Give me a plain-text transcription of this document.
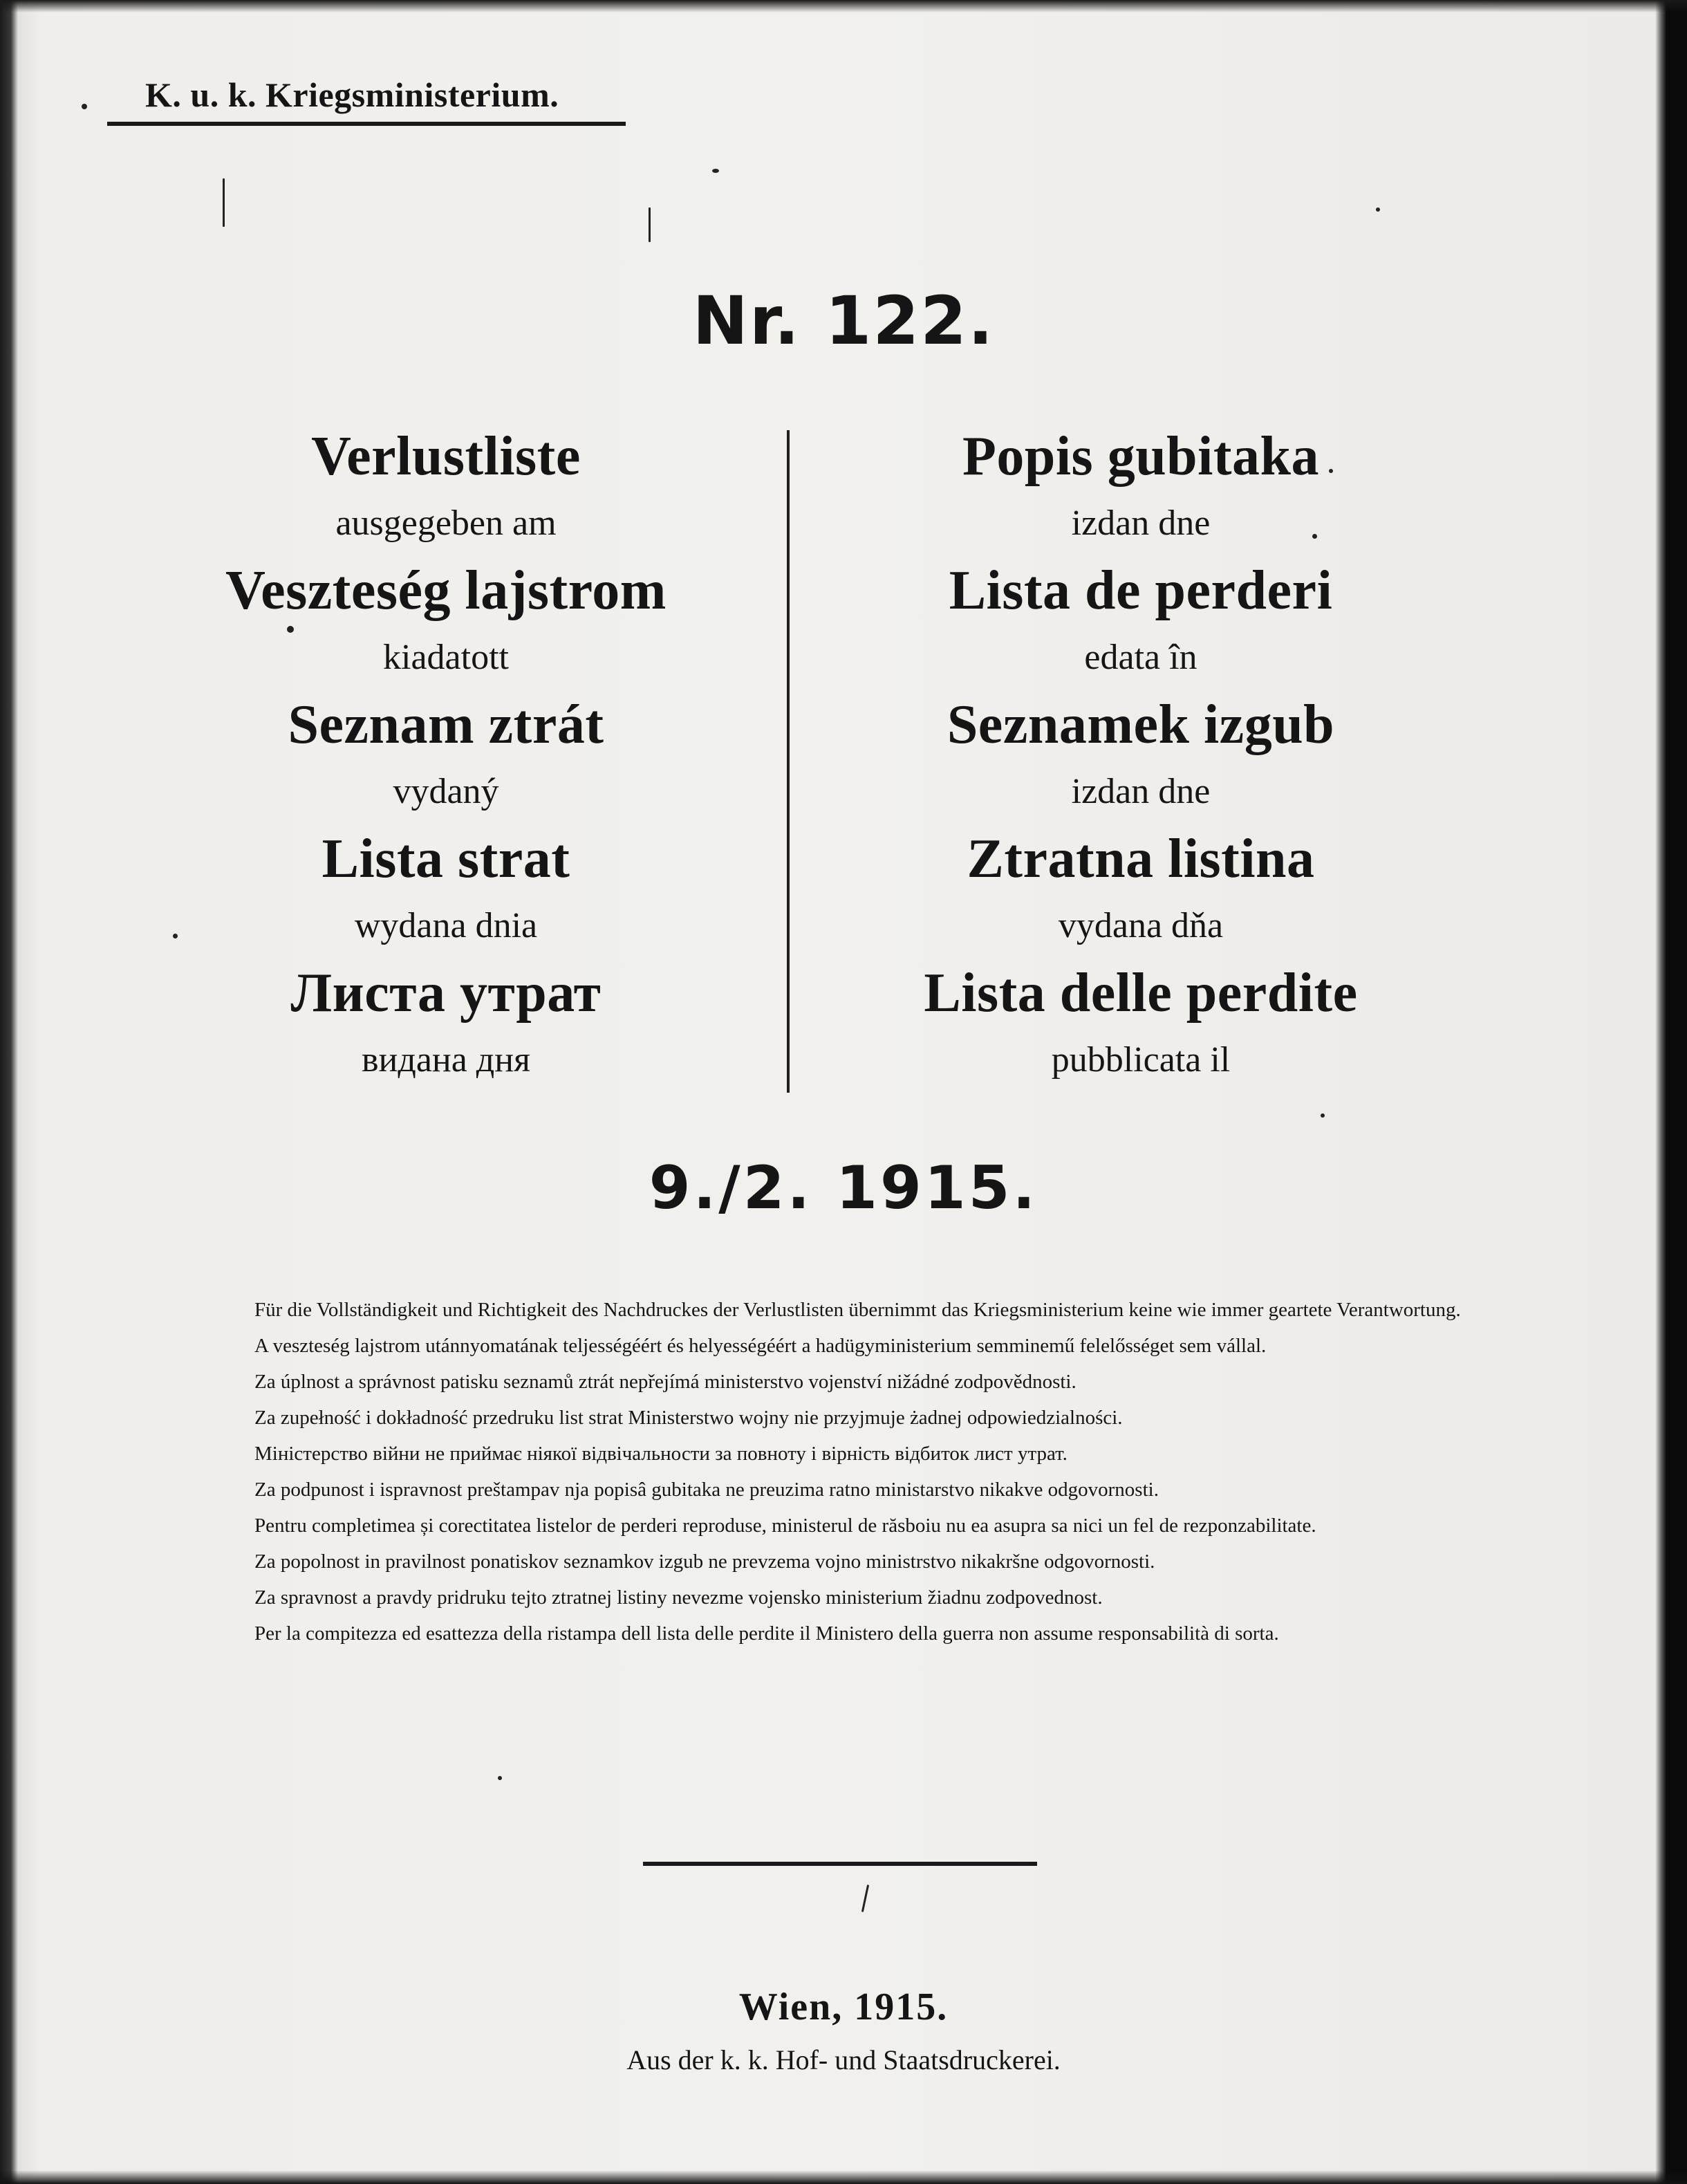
K. u. k. Kriegsministerium.
Nr. 122.
Verlustliste
ausgegeben am
Veszteség lajstrom
kiadatott
Seznam ztrát
vydaný
Lista strat
wydana dnia
Листа утрат
видана дня
Popis gubitaka
izdan dne
Lista de perderi
edata în
Seznamek izgub
izdan dne
Ztratna listina
vydana dňa
Lista delle perdite
pubblicata il
9./2. 1915.

Für die Vollständigkeit und Richtigkeit des Nachdruckes der Verlustlisten übernimmt das Kriegsministerium keine wie immer geartete Verantwortung.

A veszteség lajstrom utánnyomatának teljességéért és helyességéért a hadügyministerium semminemű felelősséget sem vállal.

Za úplnost a správnost patisku seznamů ztrát nepřejímá ministerstvo vojenství nižádné zodpovědnosti.

Za zupełność i dokładność przedruku list strat Ministerstwo wojny nie przyjmuje żadnej odpowiedzialności.

Міністерство війни не приймає ніякої відвічальности за повноту і вірність відбиток лист утрат.

Za podpunost i ispravnost preštampav nja popisâ gubitaka ne preuzima ratno ministarstvo nikakve odgovornosti.

Pentru completimea și corectitatea listelor de perderi reproduse, ministerul de răsboiu nu ea asupra sa nici un fel de rezponzabilitate.

Za popolnost in pravilnost ponatiskov seznamkov izgub ne prevzema vojno ministrstvo nikakršne odgovornosti.

Za spravnost a pravdy pridruku tejto ztratnej listiny nevezme vojensko ministerium žiadnu zodpovednost.

Per la compitezza ed esattezza della ristampa dell lista delle perdite il Ministero della guerra non assume responsabilità di sorta.

Wien, 1915.
Aus der k. k. Hof- und Staatsdruckerei.
